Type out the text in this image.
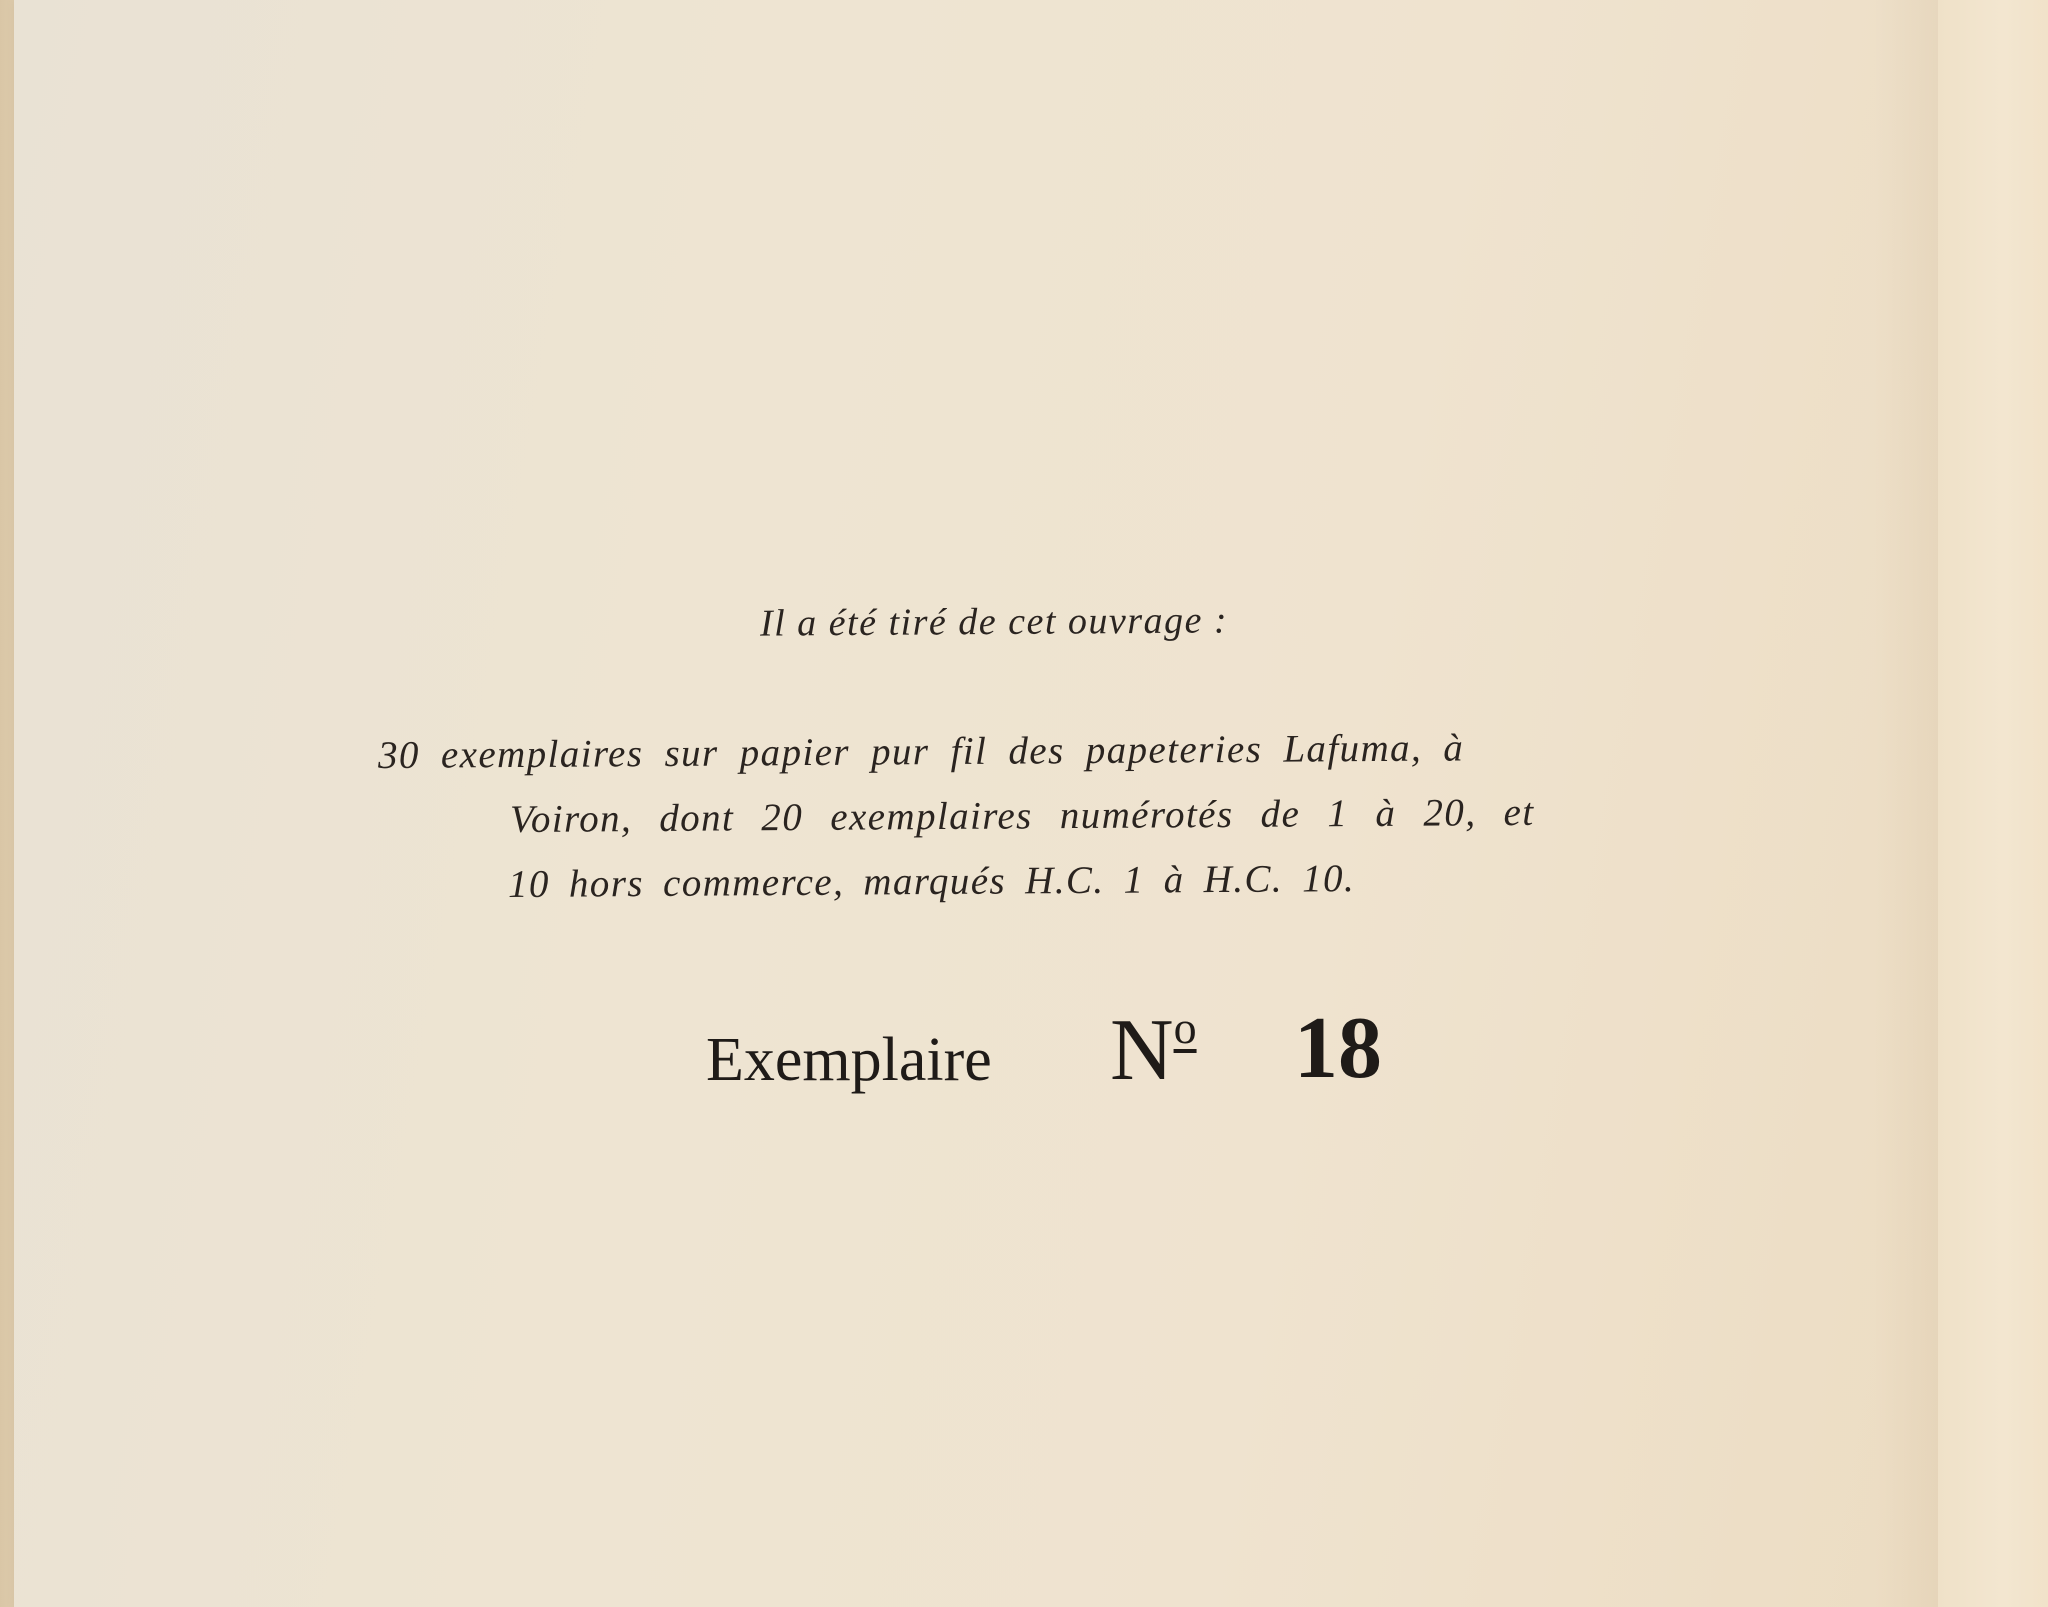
Il a été tiré de cet ouvrage :
30 exemplaires sur papier pur fil des papeteries Lafuma, à
Voiron, dont 20 exemplaires numérotés de 1 à 20, et
10 hors commerce, marqués H.C. 1 à H.C. 10.
Exemplaire $N^o$ 18
